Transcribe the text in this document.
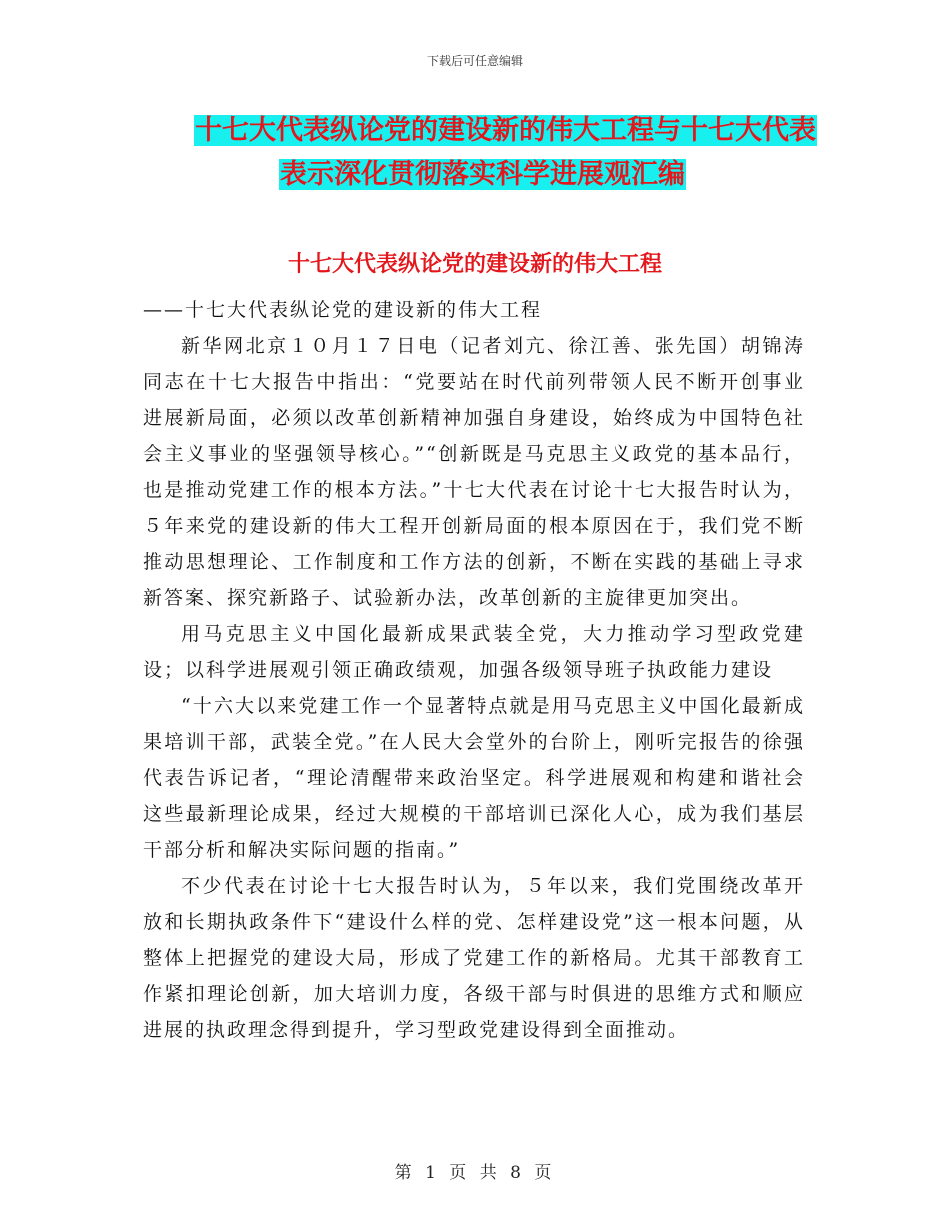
下载后可任意编辑
十七大代表纵论党的建设新的伟大工程与十七大代表
表示深化贯彻落实科学进展观汇编
十七大代表纵论党的建设新的伟大工程

——十七大代表纵论党的建设新的伟大工程

新华网北京１０月１７日电（记者刘亢、徐江善、张先国）胡锦涛同志在十七大报告中指出：“党要站在时代前列带领人民不断开创事业进展新局面，必须以改革创新精神加强自身建设，始终成为中国特色社会主义事业的坚强领导核心。”“创新既是马克思主义政党的基本品行，也是推动党建工作的根本方法。”十七大代表在讨论十七大报告时认为，５年来党的建设新的伟大工程开创新局面的根本原因在于，我们党不断推动思想理论、工作制度和工作方法的创新，不断在实践的基础上寻求新答案、探究新路子、试验新办法，改革创新的主旋律更加突出。

用马克思主义中国化最新成果武装全党，大力推动学习型政党建设；以科学进展观引领正确政绩观，加强各级领导班子执政能力建设

“十六大以来党建工作一个显著特点就是用马克思主义中国化最新成果培训干部，武装全党。”在人民大会堂外的台阶上，刚听完报告的徐强代表告诉记者，“理论清醒带来政治坚定。科学进展观和构建和谐社会这些最新理论成果，经过大规模的干部培训已深化人心，成为我们基层干部分析和解决实际问题的指南。”

不少代表在讨论十七大报告时认为，５年以来，我们党围绕改革开放和长期执政条件下“建设什么样的党、怎样建设党”这一根本问题，从整体上把握党的建设大局，形成了党建工作的新格局。尤其干部教育工作紧扣理论创新，加大培训力度，各级干部与时俱进的思维方式和顺应进展的执政理念得到提升，学习型政党建设得到全面推动。

第 1 页 共 8 页
